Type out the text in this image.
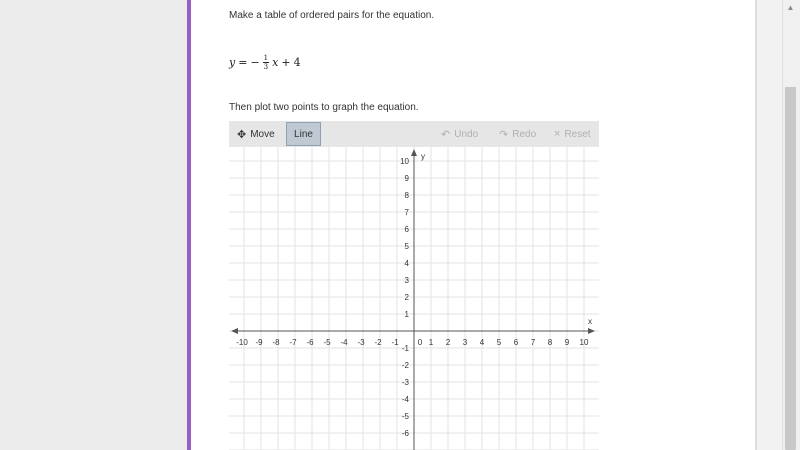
▲
Make a table of ordered pairs for the equation.
y = − $\frac{1}{3}$ x + 4
Then plot two points to graph the equation.
✥ Move Line	↶ Undo ↷ Redo × Reset
x
y
-10 -9 -8 -7 -6 -5 -4 -3 -2 -1	1 2 3 4 5 6 7 8 9 10
0
1
2
3
4
5
6
7
8
9
10
-1
-2
-3
-4
-5
-6
